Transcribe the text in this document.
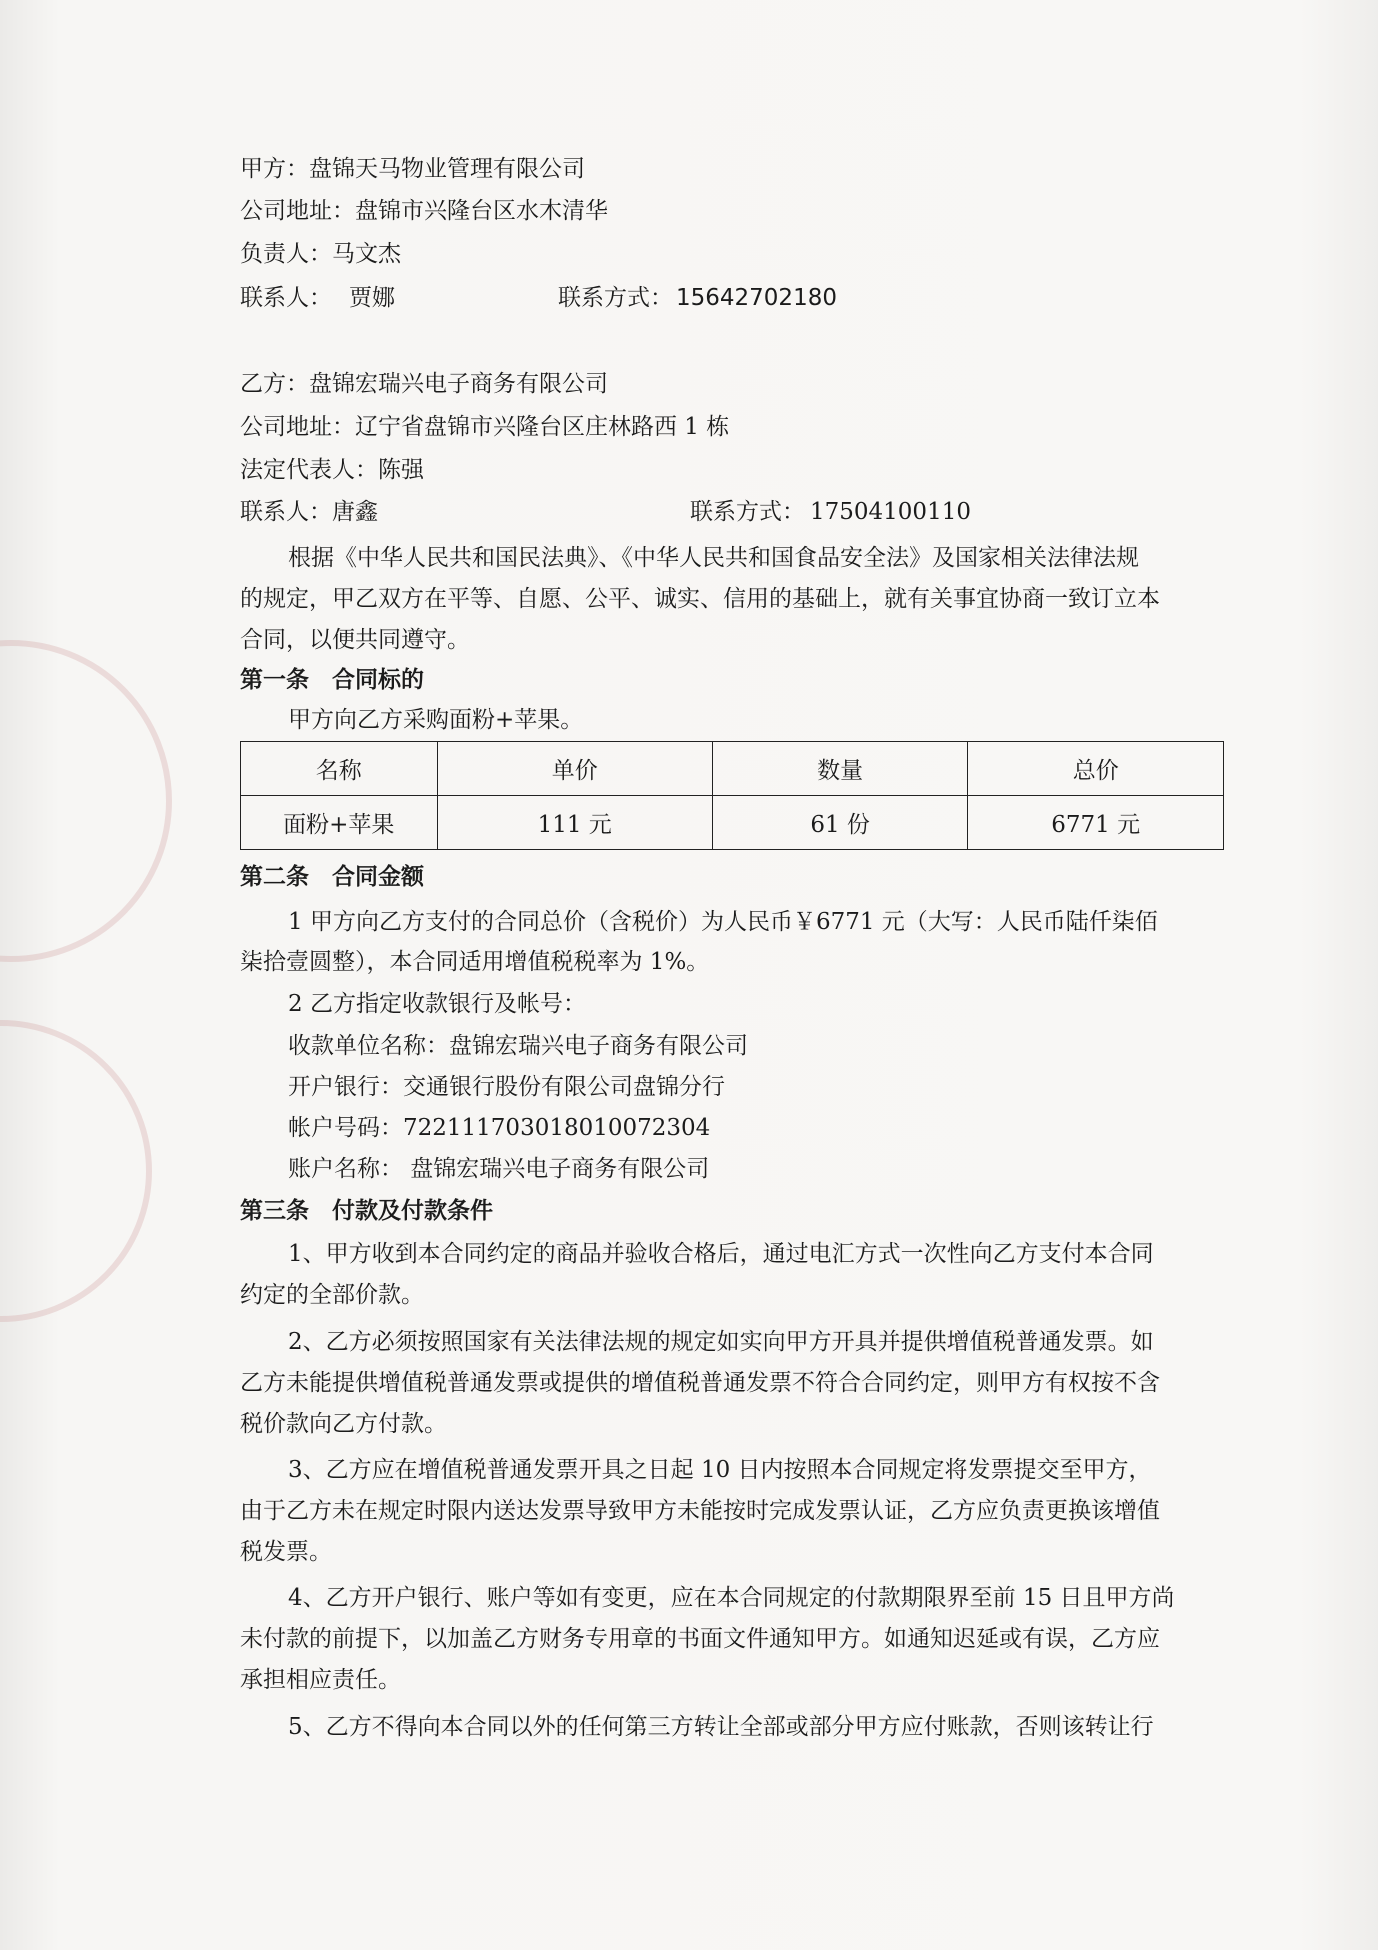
甲方：盘锦天马物业管理有限公司
公司地址：盘锦市兴隆台区水木清华
负责人：马文杰
联系人： 贾娜	联系方式： 15642702180
乙方：盘锦宏瑞兴电子商务有限公司
公司地址：辽宁省盘锦市兴隆台区庄林路西 1 栋
法定代表人：陈强
联系人：唐鑫	联系方式： 17504100110
根据《中华人民共和国民法典》、《中华人民共和国食品安全法》及国家相关法律法规
的规定，甲乙双方在平等、自愿、公平、诚实、信用的基础上，就有关事宜协商一致订立本
合同，以便共同遵守。
第一条　合同标的
甲方向乙方采购面粉+苹果。
名称	单价	数量	总价
面粉+苹果	111 元	61 份	6771 元
第二条　合同金额
1 甲方向乙方支付的合同总价（含税价）为人民币￥6771 元（大写：人民币陆仟柒佰
柒拾壹圆整），本合同适用增值税税率为 1%。
2 乙方指定收款银行及帐号：
收款单位名称：盘锦宏瑞兴电子商务有限公司
开户银行：交通银行股份有限公司盘锦分行
帐户号码：722111703018010072304
账户名称： 盘锦宏瑞兴电子商务有限公司
第三条　付款及付款条件
1、甲方收到本合同约定的商品并验收合格后，通过电汇方式一次性向乙方支付本合同
约定的全部价款。
2、乙方必须按照国家有关法律法规的规定如实向甲方开具并提供增值税普通发票。如
乙方未能提供增值税普通发票或提供的增值税普通发票不符合合同约定，则甲方有权按不含
税价款向乙方付款。
3、乙方应在增值税普通发票开具之日起 10 日内按照本合同规定将发票提交至甲方，
由于乙方未在规定时限内送达发票导致甲方未能按时完成发票认证，乙方应负责更换该增值
税发票。
4、乙方开户银行、账户等如有变更，应在本合同规定的付款期限界至前 15 日且甲方尚
未付款的前提下，以加盖乙方财务专用章的书面文件通知甲方。如通知迟延或有误，乙方应
承担相应责任。
5、乙方不得向本合同以外的任何第三方转让全部或部分甲方应付账款，否则该转让行
